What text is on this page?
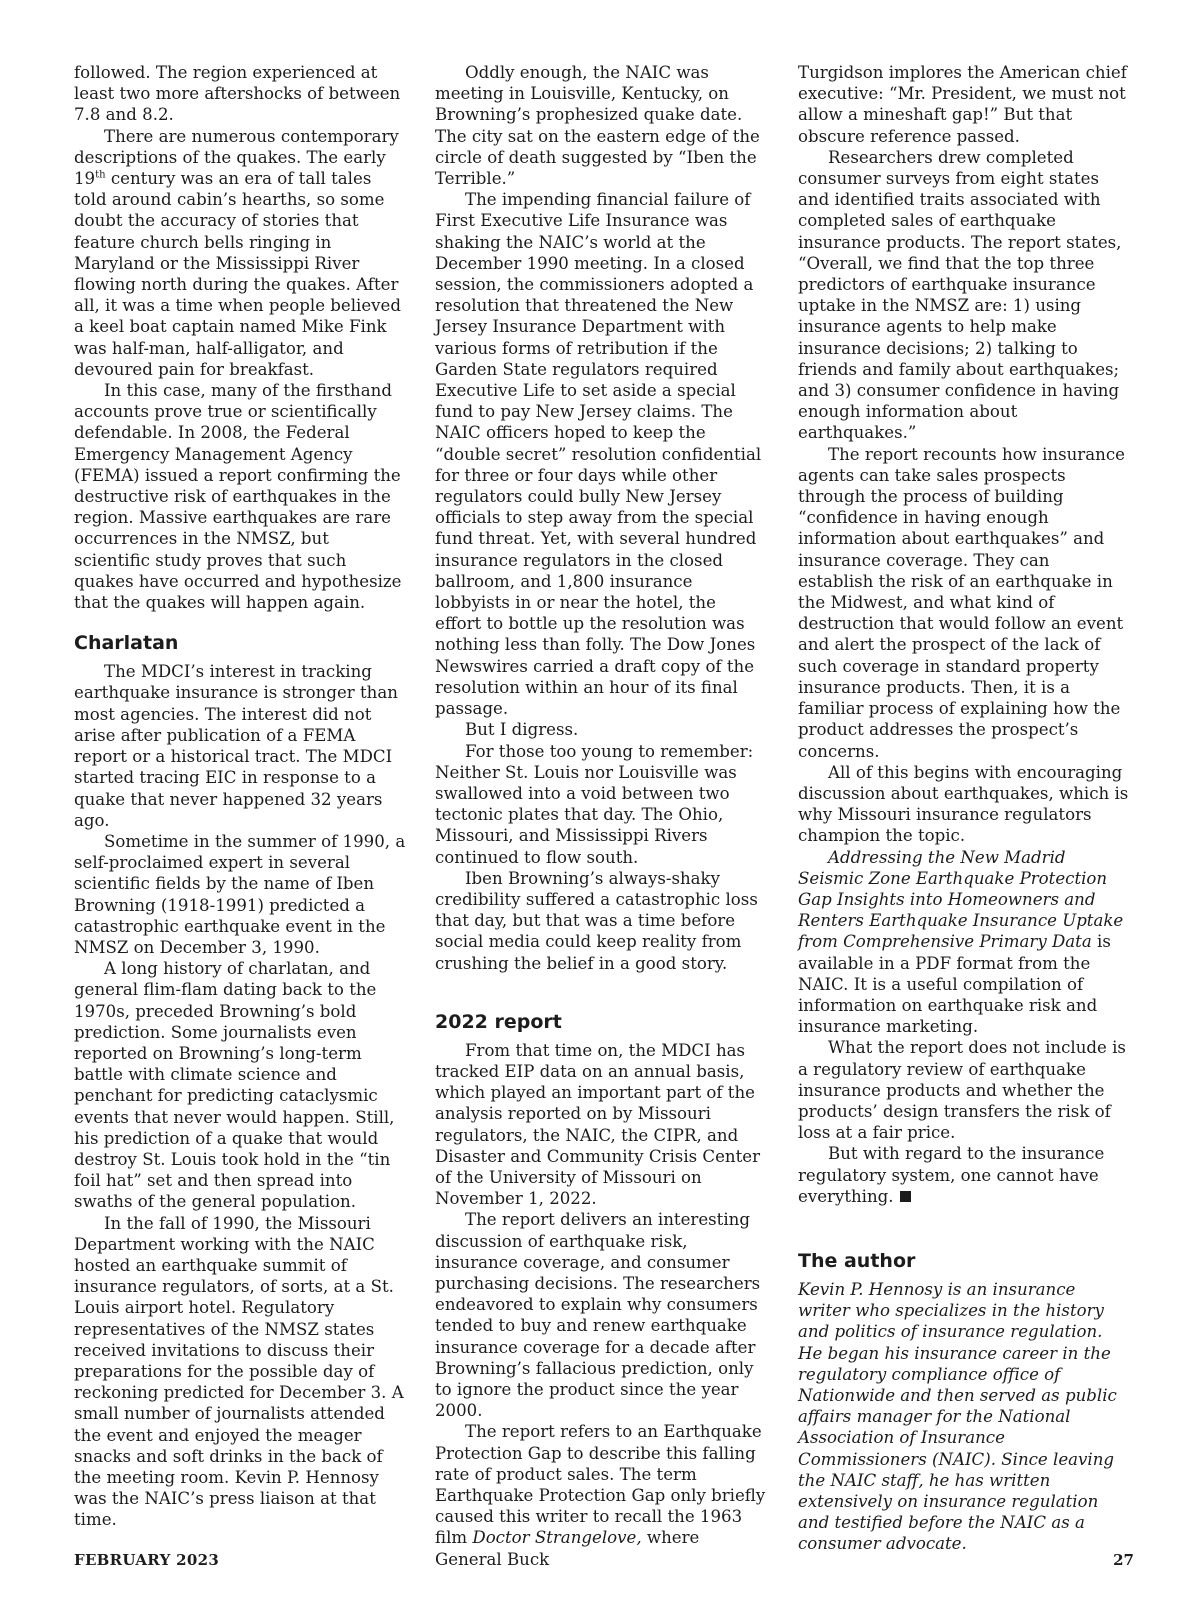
followed. The region experienced at least two more aftershocks of between 7.8 and 8.2.

There are numerous contemporary descriptions of the quakes. The early 19th century was an era of tall tales told around cabin’s hearths, so some doubt the accuracy of stories that feature church bells ringing in Maryland or the Mississippi River flowing north during the quakes. After all, it was a time when people believed a keel boat captain named Mike Fink was half-man, half-alligator, and devoured pain for breakfast.

In this case, many of the firsthand accounts prove true or scientifically defendable. In 2008, the Federal Emergency Management Agency (FEMA) issued a report confirming the destructive risk of earthquakes in the region. Massive earthquakes are rare occurrences in the NMSZ, but scientific study proves that such quakes have occurred and hypothesize that the quakes will happen again.

Charlatan

The MDCI’s interest in tracking earthquake insurance is stronger than most agencies. The interest did not arise after publication of a FEMA report or a historical tract. The MDCI started tracing EIC in response to a quake that never happened 32 years ago.

Sometime in the summer of 1990, a self-proclaimed expert in several scientific fields by the name of Iben Browning (1918-1991) predicted a catastrophic earthquake event in the NMSZ on December 3, 1990.

A long history of charlatan, and general flim-flam dating back to the 1970s, preceded Browning’s bold prediction. Some journalists even reported on Browning’s long-term battle with climate science and penchant for predicting cataclysmic events that never would happen. Still, his prediction of a quake that would destroy St. Louis took hold in the “tin foil hat” set and then spread into swaths of the general population.

In the fall of 1990, the Missouri Department working with the NAIC hosted an earthquake summit of insurance regulators, of sorts, at a St. Louis airport hotel. Regulatory representatives of the NMSZ states received invitations to discuss their preparations for the possible day of reckoning predicted for December 3. A small number of journalists attended the event and enjoyed the meager snacks and soft drinks in the back of the meeting room. Kevin P. Hennosy was the NAIC’s press liaison at that time.

Oddly enough, the NAIC was meeting in Louisville, Kentucky, on Browning’s prophesized quake date. The city sat on the eastern edge of the circle of death suggested by “Iben the Terrible.”

The impending financial failure of First Executive Life Insurance was shaking the NAIC’s world at the December 1990 meeting. In a closed session, the commissioners adopted a resolution that threatened the New Jersey Insurance Department with various forms of retribution if the Garden State regulators required Executive Life to set aside a special fund to pay New Jersey claims. The NAIC officers hoped to keep the “double secret” resolution confidential for three or four days while other regulators could bully New Jersey officials to step away from the special fund threat. Yet, with several hundred insurance regulators in the closed ballroom, and 1,800 insurance lobbyists in or near the hotel, the effort to bottle up the resolution was nothing less than folly. The Dow Jones Newswires carried a draft copy of the resolution within an hour of its final passage.

But I digress.

For those too young to remember: Neither St. Louis nor Louisville was swallowed into a void between two tectonic plates that day. The Ohio, Missouri, and Mississippi Rivers continued to flow south.

Iben Browning’s always-shaky credibility suffered a catastrophic loss that day, but that was a time before social media could keep reality from crushing the belief in a good story.

2022 report

From that time on, the MDCI has tracked EIP data on an annual basis, which played an important part of the analysis reported on by Missouri regulators, the NAIC, the CIPR, and Disaster and Community Crisis Center of the University of Missouri on November 1, 2022.

The report delivers an interesting discussion of earthquake risk, insurance coverage, and consumer purchasing decisions. The researchers endeavored to explain why consumers tended to buy and renew earthquake insurance coverage for a decade after Browning’s fallacious prediction, only to ignore the product since the year 2000.

The report refers to an Earthquake Protection Gap to describe this falling rate of product sales. The term Earthquake Protection Gap only briefly caused this writer to recall the 1963 film Doctor Strangelove, where General Buck

Turgidson implores the American chief executive: “Mr. President, we must not allow a mineshaft gap!” But that obscure reference passed.

Researchers drew completed consumer surveys from eight states and identified traits associated with completed sales of earthquake insurance products. The report states, “Overall, we find that the top three predictors of earthquake insurance uptake in the NMSZ are: 1) using insurance agents to help make insurance decisions; 2) talking to friends and family about earthquakes; and 3) consumer confidence in having enough information about earthquakes.”

The report recounts how insurance agents can take sales prospects through the process of building “confidence in having enough information about earthquakes” and insurance coverage. They can establish the risk of an earthquake in the Midwest, and what kind of destruction that would follow an event and alert the prospect of the lack of such coverage in standard property insurance products. Then, it is a familiar process of explaining how the product addresses the prospect’s concerns.

All of this begins with encouraging discussion about earthquakes, which is why Missouri insurance regulators champion the topic.

Addressing the New Madrid Seismic Zone Earthquake Protection Gap Insights into Homeowners and Renters Earthquake Insurance Uptake from Comprehensive Primary Data is available in a PDF format from the NAIC. It is a useful compilation of information on earthquake risk and insurance marketing.

What the report does not include is a regulatory review of earthquake insurance products and whether the products’ design transfers the risk of loss at a fair price.

But with regard to the insurance regulatory system, one cannot have everything.

The author

Kevin P. Hennosy is an insurance writer who specializes in the history and politics of insurance regulation. He began his insurance career in the regulatory compliance office of Nationwide and then served as public affairs manager for the National Association of Insurance Commissioners (NAIC). Since leaving the NAIC staff, he has written extensively on insurance regulation and testified before the NAIC as a consumer advocate.

FEBRUARY 2023	27
